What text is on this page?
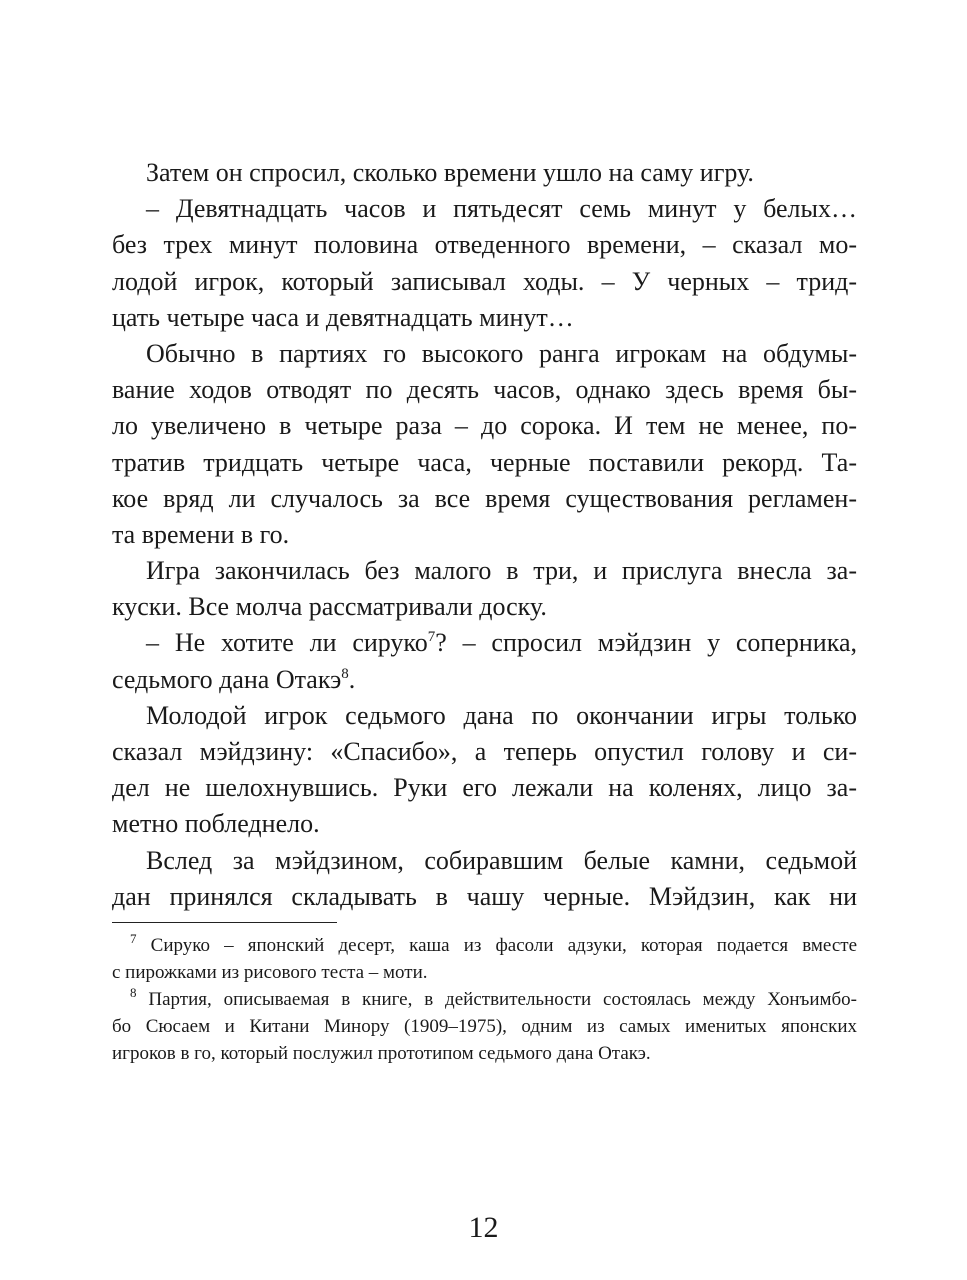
Затем он спросил, сколько времени ушло на саму игру.
– Девятнадцать часов и пятьдесят семь минут у белых…
без трех минут половина отведенного времени, – сказал мо-
лодой игрок, который записывал ходы. – У черных – трид-
цать четыре часа и девятнадцать минут…
Обычно в партиях го высокого ранга игрокам на обдумы-
вание ходов отводят по десять часов, однако здесь время бы-
ло увеличено в четыре раза – до сорока. И тем не менее, по-
тратив тридцать четыре часа, черные поставили рекорд. Та-
кое вряд ли случалось за все время существования регламен-
та времени в го.
Игра закончилась без малого в три, и прислуга внесла за-
куски. Все молча рассматривали доску.
– Не хотите ли сируко$^7$? – спросил мэйдзин у соперника,
седьмого дана Отакэ$^8$.
Молодой игрок седьмого дана по окончании игры только
сказал мэйдзину: «Спасибо», а теперь опустил голову и си-
дел не шелохнувшись. Руки его лежали на коленях, лицо за-
метно побледнело.
Вслед за мэйдзином, собиравшим белые камни, седьмой
дан принялся складывать в чашу черные. Мэйдзин, как ни
$^7$ Сируко – японский десерт, каша из фасоли адзуки, которая подается вместе
с пирожками из рисового теста – моти.
$^8$ Партия, описываемая в книге, в действительности состоялась между Хонъимбо-
бо Сюсаем и Китани Минору (1909–1975), одним из самых именитых японских
игроков в го, который послужил прототипом седьмого дана Отакэ.
12
